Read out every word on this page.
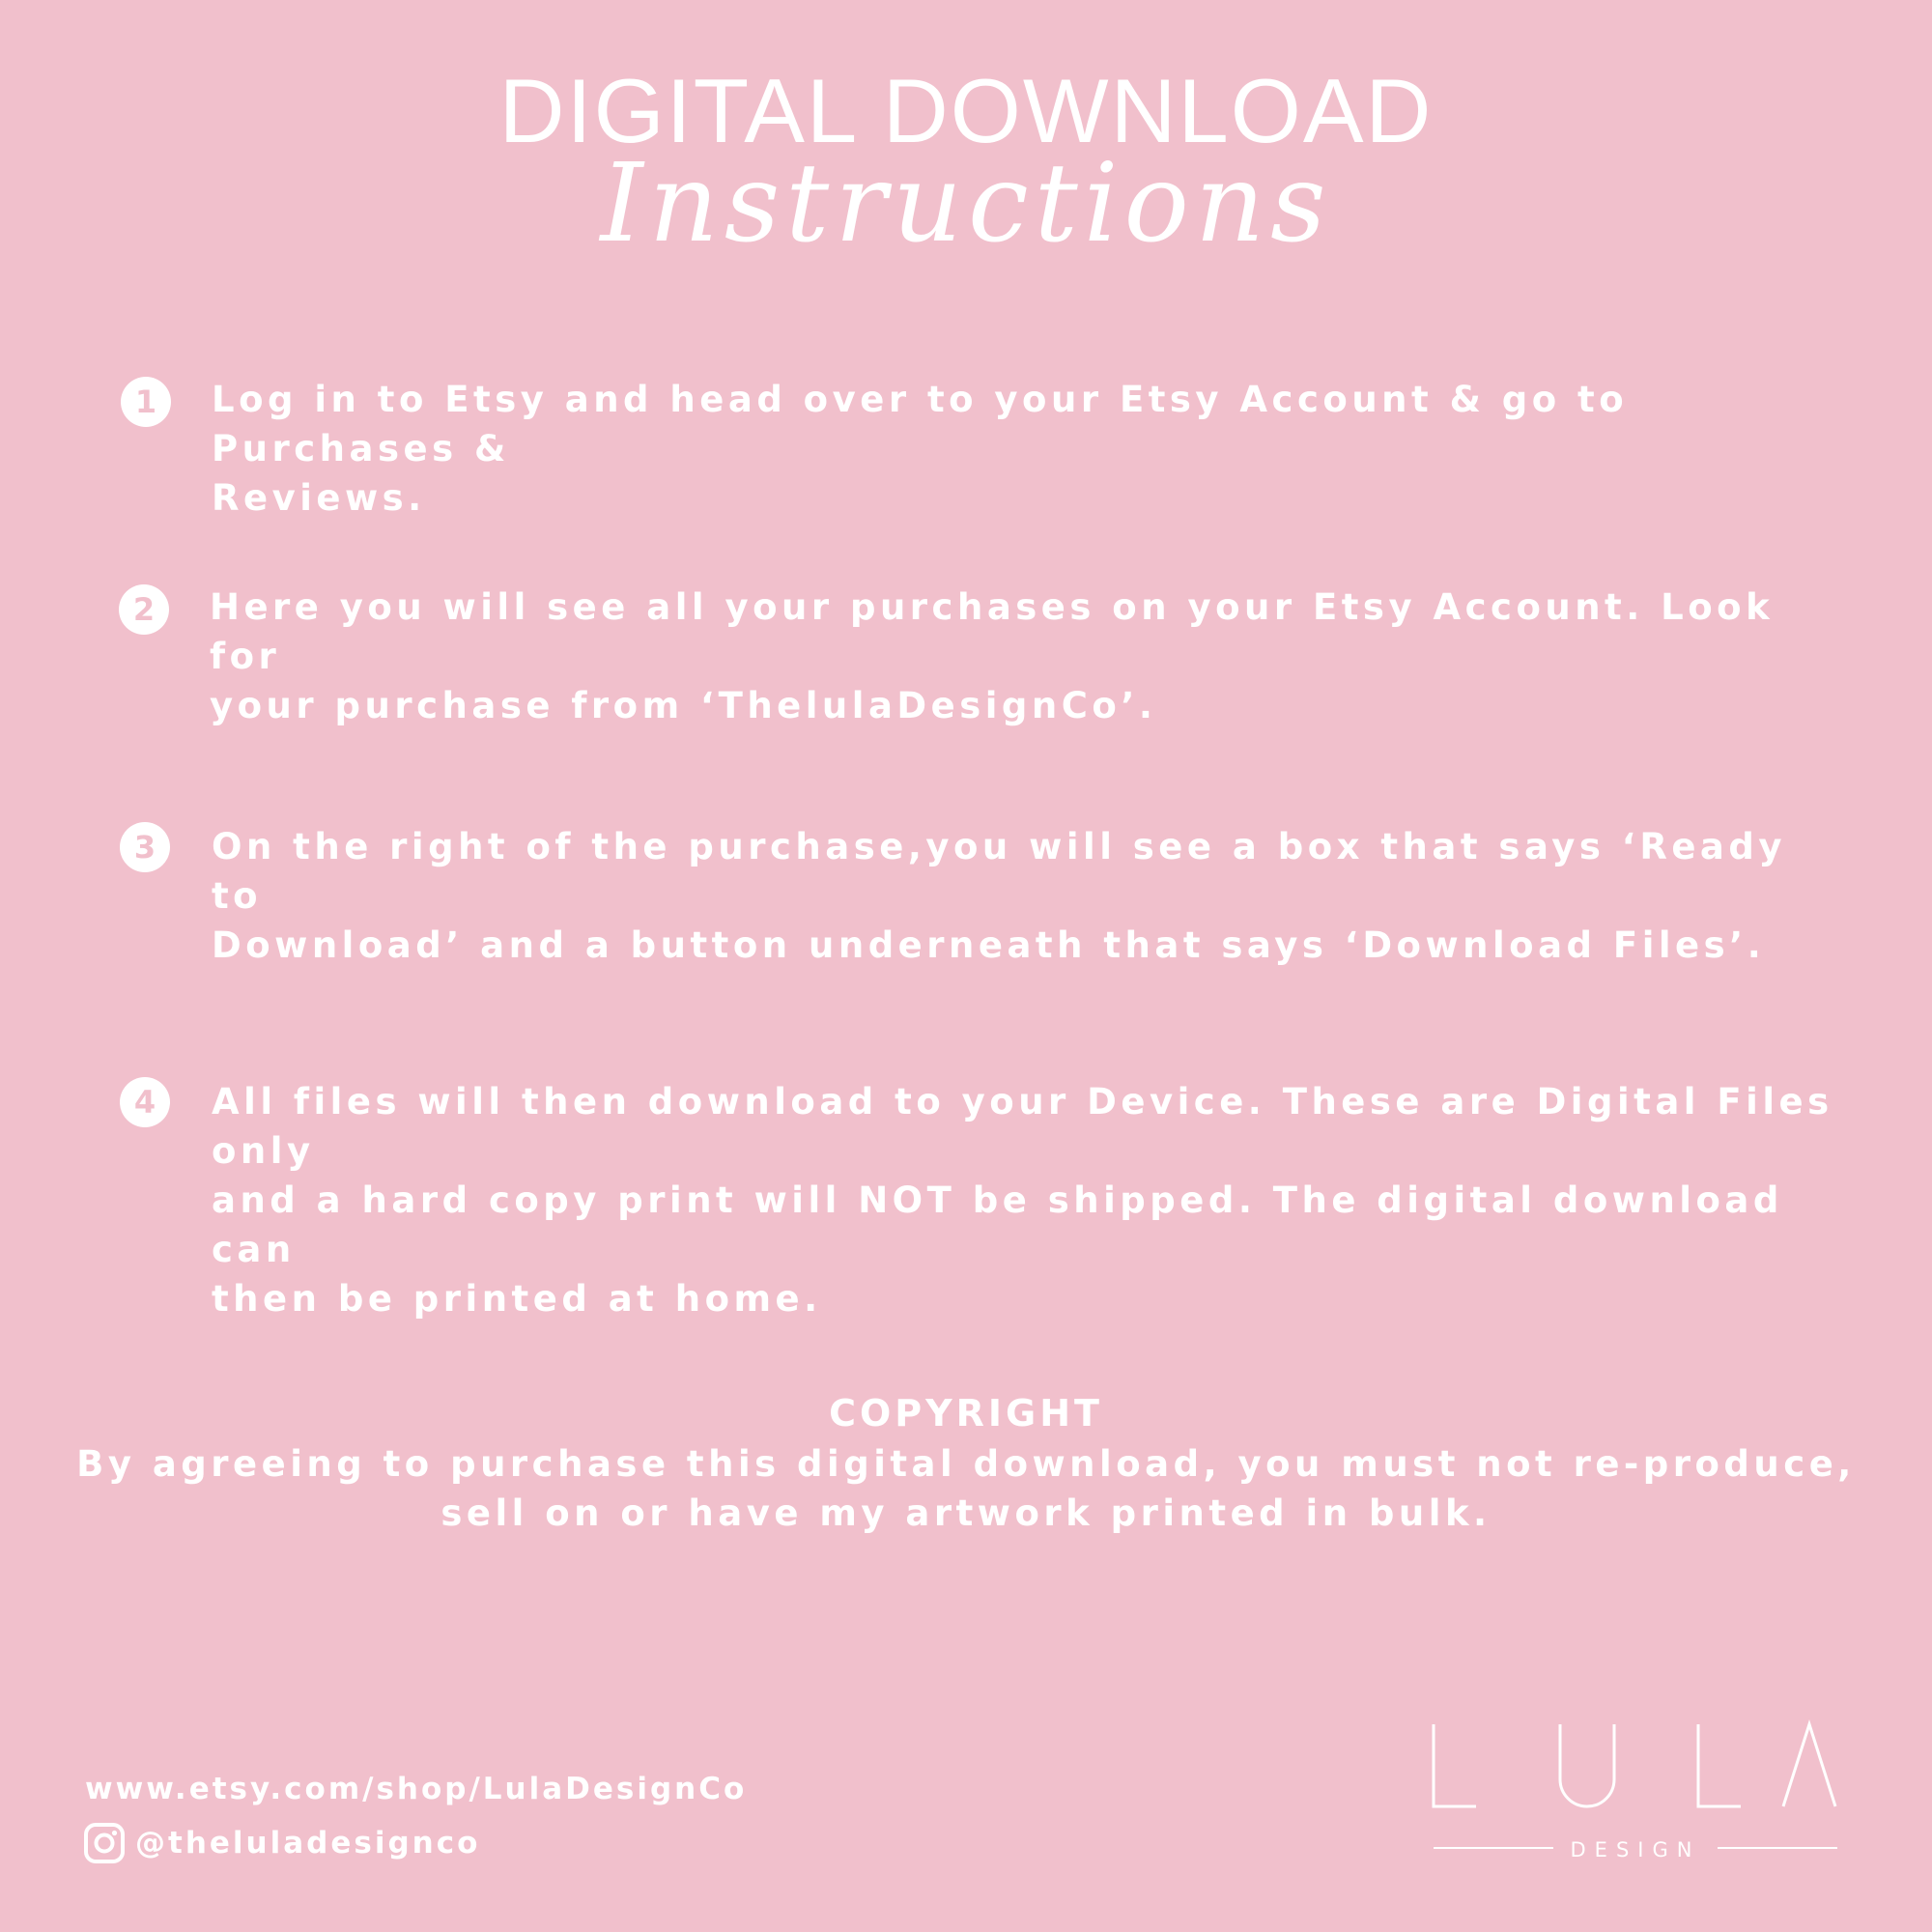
DIGITAL DOWNLOAD
Instructions
1	Log in to Etsy and head over to your Etsy Account & go to Purchases &
Reviews.
2	Here you will see all your purchases on your Etsy Account. Look for
your purchase from ‘ThelulaDesignCo’.
3	On the right of the purchase,you will see a box that says ‘Ready to
Download’ and a button underneath that says ‘Download Files’.
4	All files will then download to your Device. These are Digital Files only
and a hard copy print will NOT be shipped. The digital download can
then be printed at home.
COPYRIGHT
By agreeing to purchase this digital download, you must not re-produce,
sell on or have my artwork printed in bulk.
www.etsy.com/shop/LulaDesignCo
@theluladesignco	DESIGN
